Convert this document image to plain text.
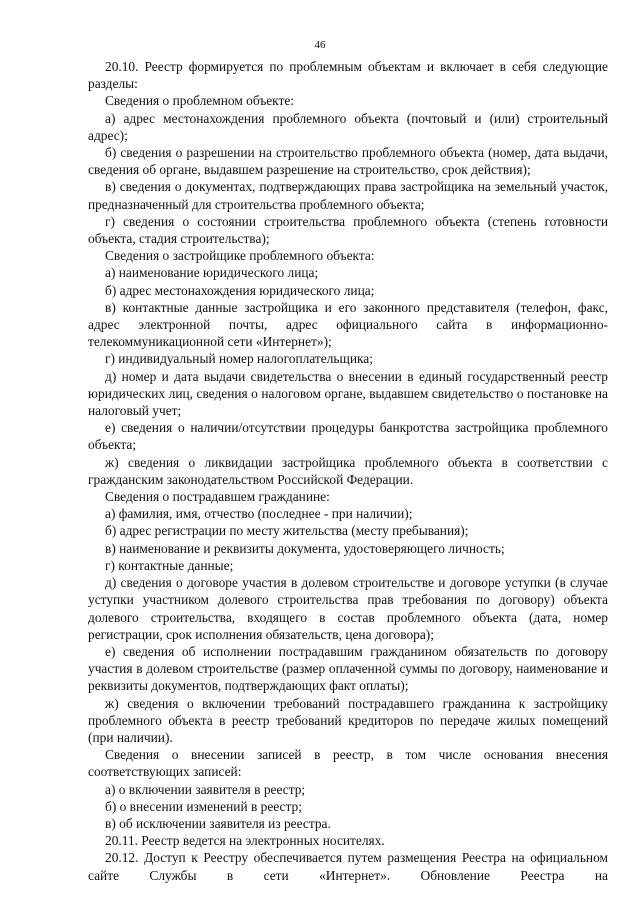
46

20.10. Реестр формируется по проблемным объектам и включает в себя следующие разделы:

Сведения о проблемном объекте:

а) адрес местонахождения проблемного объекта (почтовый и (или) строительный адрес);

б) сведения о разрешении на строительство проблемного объекта (номер, дата выдачи, сведения об органе, выдавшем разрешение на строительство, срок действия);

в) сведения о документах, подтверждающих права застройщика на земельный участок, предназначенный для строительства проблемного объекта;

г) сведения о состоянии строительства проблемного объекта (степень готовности объекта, стадия строительства);

Сведения о застройщике проблемного объекта:

а) наименование юридического лица;

б) адрес местонахождения юридического лица;

в) контактные данные застройщика и его законного представителя (телефон, факс, адрес электронной почты, адрес официального сайта в информационно-телекоммуникационной сети «Интернет»);

г) индивидуальный номер налогоплательщика;

д) номер и дата выдачи свидетельства о внесении в единый государственный реестр юридических лиц, сведения о налоговом органе, выдавшем свидетельство о постановке на налоговый учет;

е) сведения о наличии/отсутствии процедуры банкротства застройщика проблемного объекта;

ж) сведения о ликвидации застройщика проблемного объекта в соответствии с гражданским законодательством Российской Федерации.

Сведения о пострадавшем гражданине:

а) фамилия, имя, отчество (последнее - при наличии);

б) адрес регистрации по месту жительства (месту пребывания);

в) наименование и реквизиты документа, удостоверяющего личность;

г) контактные данные;

д) сведения о договоре участия в долевом строительстве и договоре уступки (в случае уступки участником долевого строительства прав требования по договору) объекта долевого строительства, входящего в состав проблемного объекта (дата, номер регистрации, срок исполнения обязательств, цена договора);

е) сведения об исполнении пострадавшим гражданином обязательств по договору участия в долевом строительстве (размер оплаченной суммы по договору, наименование и реквизиты документов, подтверждающих факт оплаты);

ж) сведения о включении требований пострадавшего гражданина к застройщику проблемного объекта в реестр требований кредиторов по передаче жилых помещений (при наличии).

Сведения о внесении записей в реестр, в том числе основания внесения соответствующих записей:

а) о включении заявителя в реестр;

б) о внесении изменений в реестр;

в) об исключении заявителя из реестра.

20.11. Реестр ведется на электронных носителях.

20.12. Доступ к Реестру обеспечивается путем размещения Реестра на официальном сайте Службы в сети «Интернет». Обновление Реестра на
